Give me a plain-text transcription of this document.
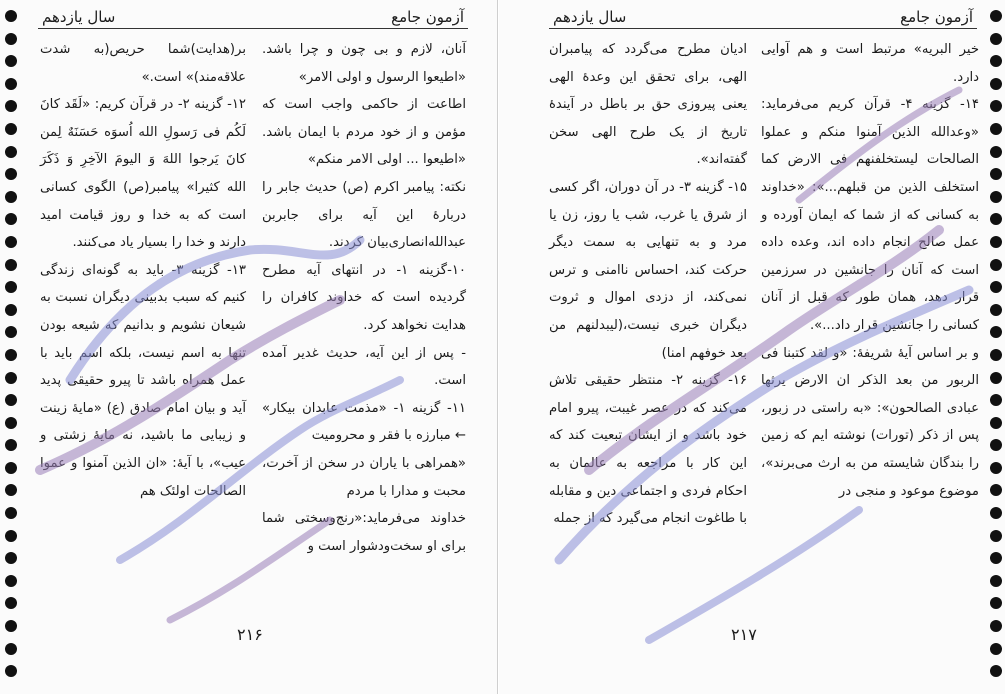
آزمون جامع
سال یازدهم

آنان، لازم و بی چون و چرا باشد. «اطیعوا الرسول و اولی الامر»

اطاعت از حاکمی واجب است که مؤمن و از خود مردم با ایمان باشد. «اطیعوا ... اولی الامر منکم»

نکته: پیامبر اکرم (ص) حدیث جابر را دربارهٔ این آیه برای جابربن عبدالله‌انصاری‌بیان کردند.

۱۰-گزینه ۱- در انتهای آیه مطرح گردیده است که خداوند کافران را هدایت نخواهد کرد.

- پس از این آیه، حدیث غدیر آمده است.

۱۱- گزینه ۱- «مذمت عابدان بیکار» ← مبارزه با فقر و محرومیت

«همراهی با یاران در سخن از آخرت، محبت و مدارا با مردم

خداوند می‌فرماید:«رنج‌وسختی شما برای او سخت‌ودشوار است و

بر(هدایت)شما حریص(به شدت علاقه‌مند)» است.»

۱۲- گزینه ۲- در قرآن کریم: «لَقَد کانَ لَکُم فی رَسولِ الله اُسوَه حَسَنَهٌ لِمن کانَ یَرجوا اللهَ وَ الیومَ الآخِرِ وَ ذَکَرَ الله کثیرا» پیامبر(ص) الگوی کسانی است که به خدا و روز قیامت امید دارند و خدا را بسیار یاد می‌کنند.

۱۳- گزینه ۳- باید به گونه‌ای زندگی کنیم که سبب بدبینی دیگران نسبت به شیعان نشویم و بدانیم که شیعه بودن تنها به اسم نیست، بلکه اسم باید با عمل همراه باشد تا پیرو حقیقی پدید آید و بیان امام صادق (ع) «مایهٔ زینت و زیبایی ما باشید، نه مایهٔ زشتی و عیب»، با آیهٔ: «ان الذین آمنوا و عموا الصالحات اولئک هم

۲۱۶
آزمون جامع
سال یازدهم

خیر البریه» مرتبط است و هم آوایی دارد.

۱۴- گزینه ۴- قرآن کریم می‌فرماید: «وعدالله الذین آمنوا منکم و عملوا الصالحات لیستخلفنهم فی الارض کما استخلف الذین من قبلهم...»: «خداوند به کسانی که از شما که ایمان آورده و عمل صالح انجام داده اند، وعده داده است که آنان را جانشین در سرزمین قرار دهد، همان طور که قبل از آنان کسانی را جانشین قرار داد...».

و بر اساس آیهٔ شریفهٔ: «و لقد کتبنا فی الربور من بعد الذکر ان الارض یرثها عبادی الصالحون»: «به راستی در زبور، پس از ذکر (تورات) نوشته ایم که زمین را بندگان شایسته من به ارث می‌برند»، موضوع موعود و منجی در

ادیان مطرح می‌گردد که پیامبران الهی، برای تحقق این وعدهٔ الهی یعنی پیروزی حق بر باطل در آیندهٔ تاریخ از یک طرح الهی سخن گفته‌اند».

۱۵- گزینه ۳- در آن دوران، اگر کسی از شرق یا غرب، شب یا روز، زن یا مرد و به تنهایی به سمت دیگر حرکت کند، احساس ناامنی و ترس نمی‌کند، از دزدی اموال و ثروت دیگران خبری نیست،(لیبدلنهم من بعد خوفهم امنا)

۱۶- گزینه ۲- منتظر حقیقی تلاش می‌کند که در عصر غیبت، پیرو امام خود باشد و از ایشان تبعیت کند که این کار با مراجعه به عالمان به احکام فردی و اجتماعی دین و مقابله با طاغوت انجام می‌گیرد که از جمله

۲۱۷
